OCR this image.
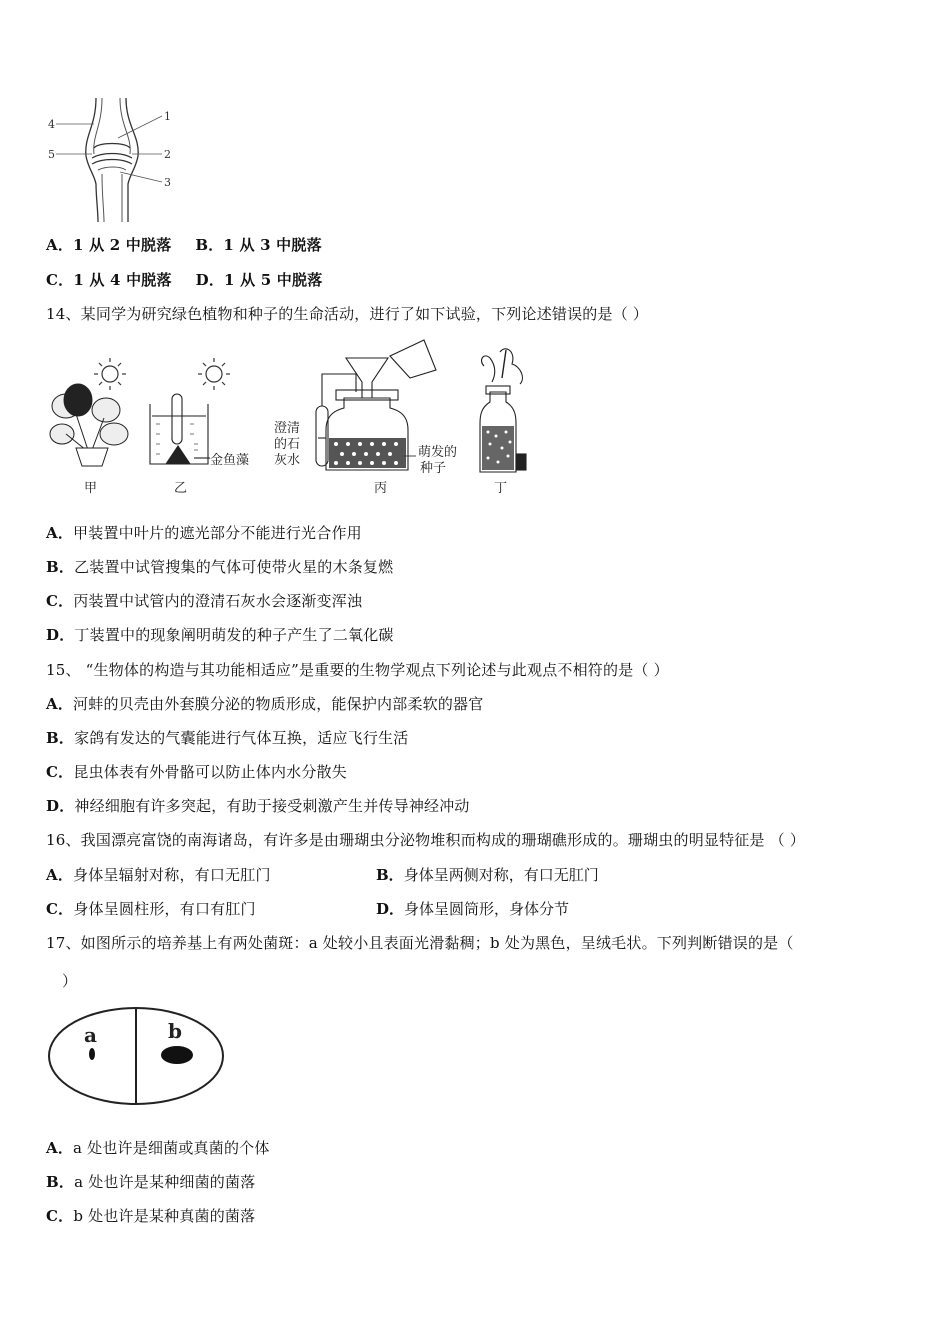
4
5
1
2
3
A．1 从 2 中脱落 B．1 从 3 中脱落
C．1 从 4 中脱落 D．1 从 5 中脱落
14、某同学为研究绿色植物和种子的生命活动，进行了如下试验，下列论述错误的是（ ）
金鱼藻
澄清
的石
灰水
萌发的
种子
甲	乙	丙	丁
A．甲装置中叶片的遮光部分不能进行光合作用
B．乙装置中试管搜集的气体可使带火星的木条复燃
C．丙装置中试管内的澄清石灰水会逐渐变浑浊
D．丁装置中的现象阐明萌发的种子产生了二氧化碳
15、 “生物体的构造与其功能相适应”是重要的生物学观点下列论述与此观点不相符的是（ ）
A．河蚌的贝壳由外套膜分泌的物质形成，能保护内部柔软的器官
B．家鸽有发达的气囊能进行气体互换，适应飞行生活
C．昆虫体表有外骨骼可以防止体内水分散失
D．神经细胞有许多突起，有助于接受刺激产生并传导神经冲动
16、我国漂亮富饶的南海诸岛，有许多是由珊瑚虫分泌物堆积而构成的珊瑚礁形成的。珊瑚虫的明显特征是 （ ）
A．身体呈辐射对称，有口无肛门	B．身体呈两侧对称，有口无肛门
C．身体呈圆柱形，有口有肛门	D．身体呈圆筒形，身体分节
17、如图所示的培养基上有两处菌斑：a 处较小且表面光滑黏稠；b 处为黑色，呈绒毛状。下列判断错误的是（
）
a	b
A．a 处也许是细菌或真菌的个体
B．a 处也许是某种细菌的菌落
C．b 处也许是某种真菌的菌落
